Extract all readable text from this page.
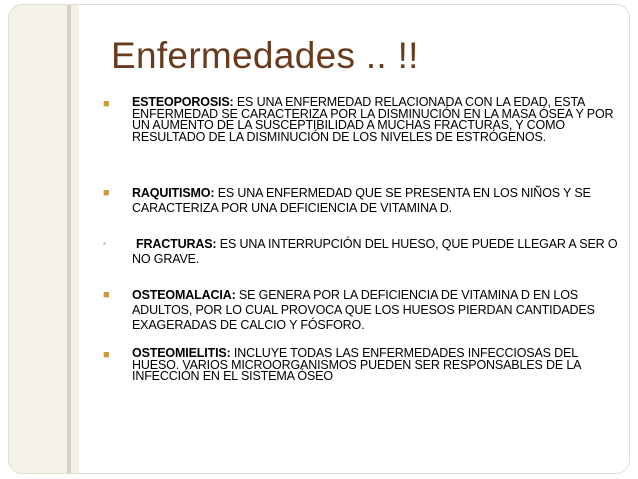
Enfermedades .. !!
■ ESTEOPOROSIS: ES UNA ENFERMEDAD RELACIONADA CON LA EDAD, ESTA ENFERMEDAD SE CARACTERIZA POR LA DISMINUCIÓN EN LA MASA ÓSEA Y POR UN AUMENTO DE LA SUSCEPTIBILIDAD A MUCHAS FRACTURAS, Y COMO RESULTADO DE LA DISMINUCIÓN DE LOS NIVELES DE ESTRÓGENOS.
■ RAQUITISMO: ES UNA ENFERMEDAD QUE SE PRESENTA EN LOS NIÑOS Y SE CARACTERIZA POR UNA DEFICIENCIA DE VITAMINA D.
▪	FRACTURAS: ES UNA INTERRUPCIÓN DEL HUESO, QUE PUEDE LLEGAR A SER O NO GRAVE.
■ OSTEOMALACIA: SE GENERA POR LA DEFICIENCIA DE VITAMINA D EN LOS ADULTOS, POR LO CUAL PROVOCA QUE LOS HUESOS PIERDAN CANTIDADES EXAGERADAS DE CALCIO Y FÓSFORO.
■ OSTEOMIELITIS: INCLUYE TODAS LAS ENFERMEDADES INFECCIOSAS DEL HUESO. VARIOS MICROORGANISMOS PUEDEN SER RESPONSABLES DE LA INFECCIÓN EN EL SISTEMA ÓSEO
